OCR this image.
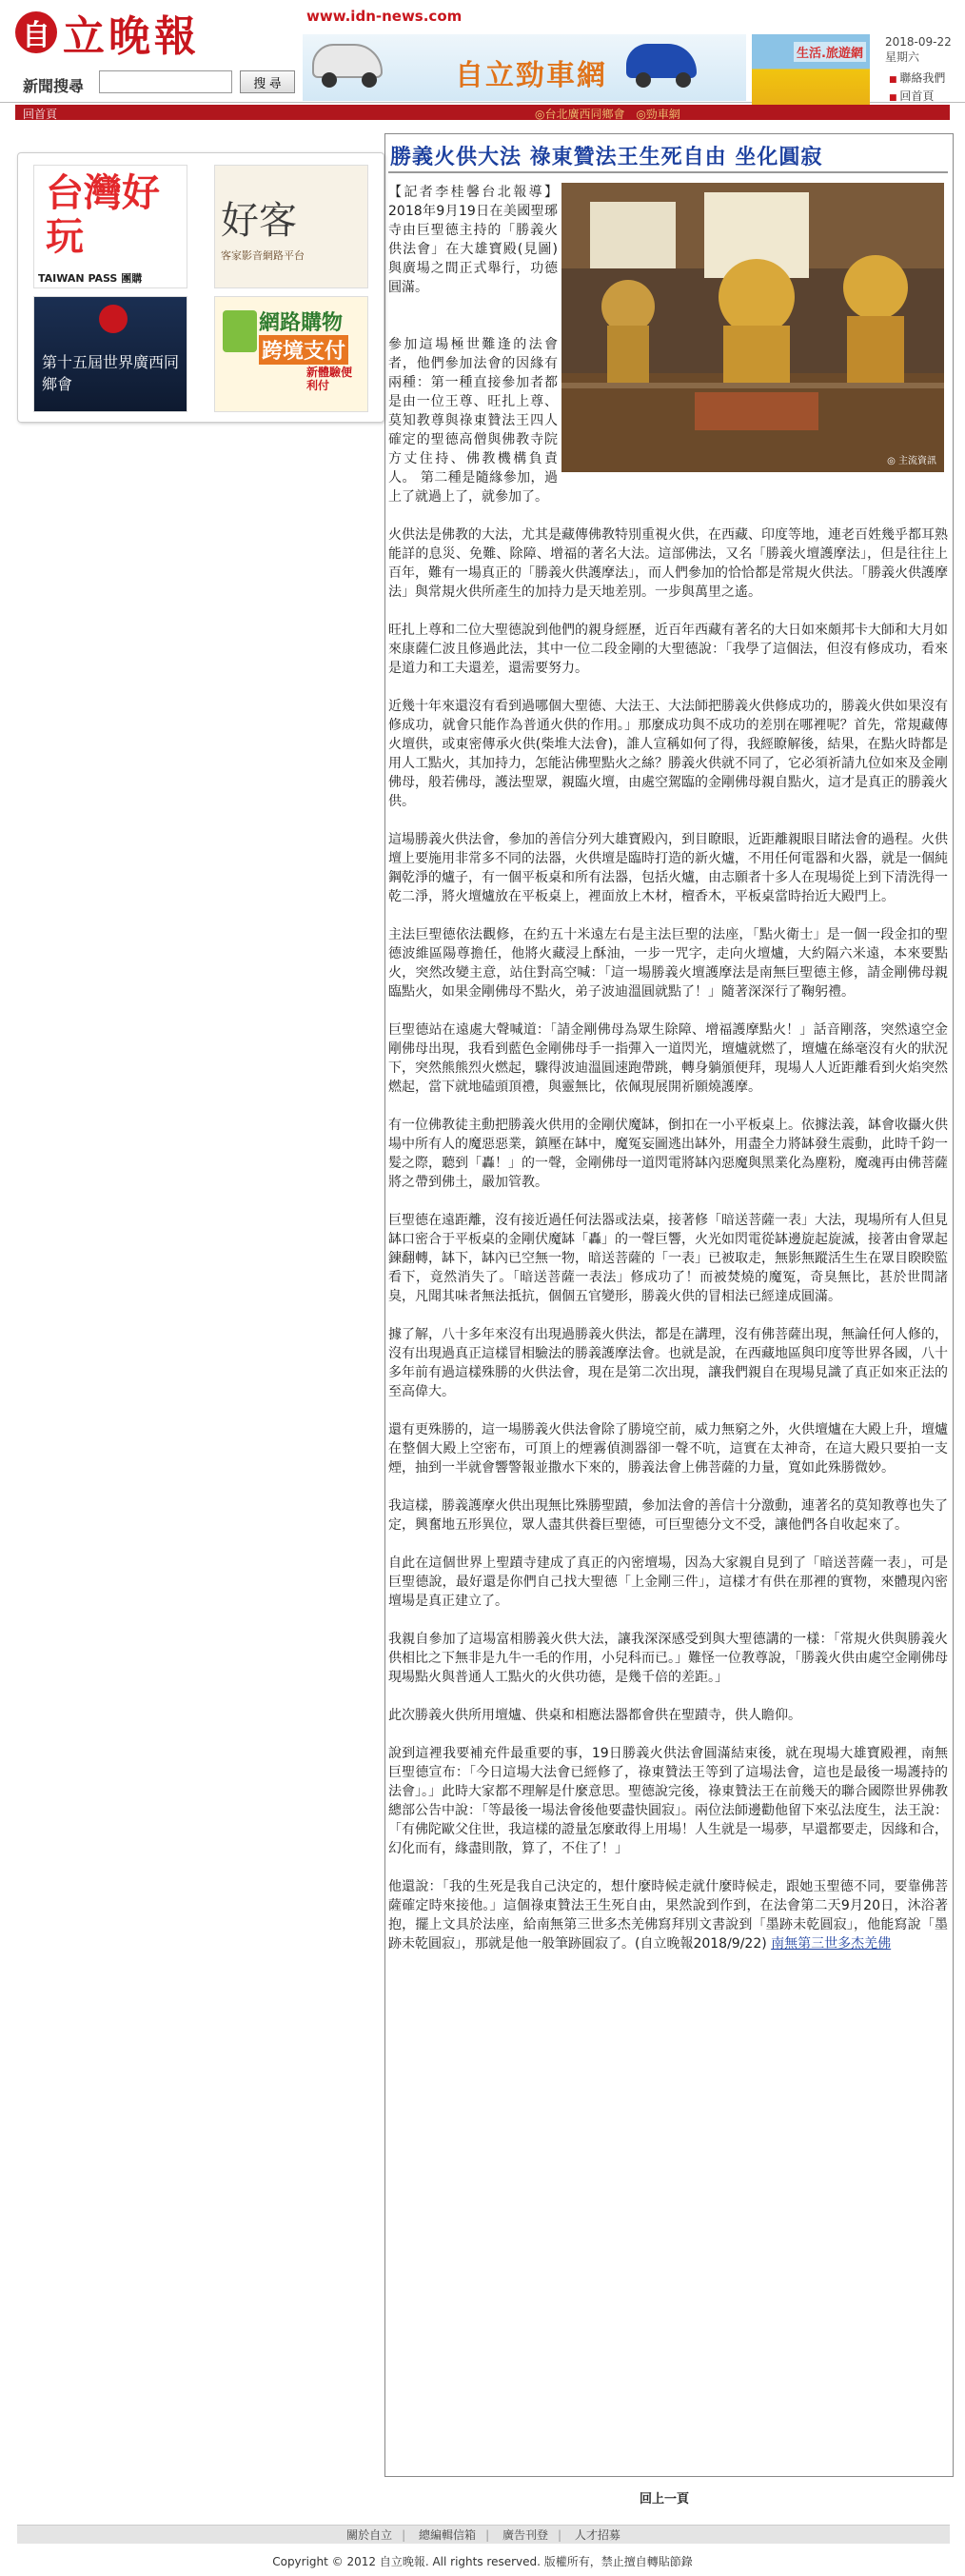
自 立晚報	www.idn-news.com
新聞搜尋	搜 尋	自立勁車網
生活.旅遊網
2018-09-22
星期六
■ 聯絡我們
■ 回首頁
回首頁	◎台北廣西同鄉會 ◎勁車網
台灣好玩
TAIWAN PASS 團購
好客
客家影音網路平台
第十五屆世界廣西同鄉會
網路購物
跨境支付
新體驗便利付
勝義火供大法 祿東贊法王生死自由 坐化圓寂

【記者李桂馨台北報導】2018年9月19日在美國聖琊寺由巨聖德主持的「勝義火供法會」在大雄寶殿(見圖)與廣場之間正式舉行，功德圓滿。

參加這場極世難逢的法會者，他們參加法會的因緣有兩種：第一種直接參加者都是由一位王尊、旺扎上尊、莫知教尊與祿東贊法王四人確定的聖德高僧與佛教寺院方丈住持、佛教機構負責人。 第二種是隨緣參加，過上了就過上了，就參加了。

火供法是佛教的大法，尤其是藏傳佛教特別重視火供，在西藏、印度等地，連老百姓幾乎都耳熟能詳的息災、免難、除障、增福的著名大法。這部佛法，又名「勝義火壇護摩法」，但是往往上百年，難有一場真正的「勝義火供護摩法」，而人們參加的恰恰都是常規火供法。「勝義火供護摩法」與常規火供所產生的加持力是天地差別。一步與萬里之遙。

旺扎上尊和二位大聖德說到他們的親身經歷，近百年西藏有著名的大日如來頗邦卡大師和大月如來康薩仁波且修過此法，其中一位二段金剛的大聖德說：「我學了這個法，但沒有修成功，看來是道力和工夫還差，還需要努力。

近幾十年來還沒有看到過哪個大聖德、大法王、大法師把勝義火供修成功的，勝義火供如果沒有修成功，就會只能作為普通火供的作用。」那麼成功與不成功的差別在哪裡呢？首先，常規藏傳火壇供，或東密傳承火供(柴堆大法會)，誰人宣稱如何了得，我經瞭解後，結果，在點火時都是用人工點火，其加持力，怎能沾佛聖點火之絲？勝義火供就不同了，它必須祈請九位如來及金剛佛母，般若佛母，護法聖眾，親臨火壇，由處空駕臨的金剛佛母親自點火，這才是真正的勝義火供。

這場勝義火供法會，參加的善信分列大雄寶殿內，到目瞭眼，近距離親眼目睹法會的過程。火供壇上要施用非常多不同的法器，火供壇是臨時打造的新火爐，不用任何電器和火器，就是一個純鋼乾淨的爐子，有一個平板桌和所有法器，包括火爐，由志願者十多人在現場從上到下清洗得一乾二淨，將火壇爐放在平板桌上，裡面放上木材，檀香木，平板桌當時抬近大殿門上。

主法巨聖德依法觀修，在約五十米遠左右是主法巨聖的法座，「點火衛士」是一個一段金扣的聖德波維區陽尊擔任，他將火藏浸上酥油，一步一咒字，走向火壇爐，大約隔六米遠，本來要點火，突然改變主意，站住對高空喊：「這一場勝義火壇護摩法是南無巨聖德主修，請金剛佛母親臨點火，如果金剛佛母不點火，弟子波迪溫圓就點了！」隨著深深行了鞠躬禮。

巨聖德站在遠處大聲喊道：「請金剛佛母為眾生除障、增福護摩點火！」話音剛落，突然遠空金剛佛母出現，我看到藍色金剛佛母手一指彈入一道閃光，壇爐就燃了，壇爐在絲毫沒有火的狀況下，突然熊熊烈火燃起，驟得波迪溫圓速跑帶跳，轉身躺頒便拜，現場人人近距離看到火焰突然燃起，當下就地磕頭頂禮，與靈無比，依佩現展開祈願燒護摩。

有一位佛教徒主動把勝義火供用的金剛伏魔缽，倒扣在一小平板桌上。依據法義，缽會收攝火供場中所有人的魔惡惡業，鎮壓在缽中，魔冤妄圖逃出缽外，用盡全力將缽發生震動，此時千鈞一髮之際，聽到「轟！」的一聲，金剛佛母一道閃電將缽內惡魔與黑業化為塵粉，魔魂再由佛菩薩將之帶到佛土，嚴加管教。

巨聖德在遠距離，沒有接近過任何法器或法桌，接著修「暗送菩薩一表」大法，現場所有人但見缽口密合于平板桌的金剛伏魔缽「轟」的一聲巨響，火光如閃電從缽邊旋起旋滅，接著由會眾起鍊翻轉，缽下，缽內已空無一物，暗送菩薩的「一表」已被取走，無影無蹤活生生在眾目睽睽監看下，竟然消失了。「暗送菩薩一表法」修成功了！而被焚燒的魔冤，奇臭無比，甚於世間諸臭，凡聞其味者無法抵抗，個個五官變形，勝義火供的冒相法已經達成圓滿。

據了解，八十多年來沒有出現過勝義火供法，都是在講理，沒有佛菩薩出現，無論任何人修的，沒有出現過真正這樣冒相驗法的勝義護摩法會。也就是說，在西藏地區與印度等世界各國，八十多年前有過這樣殊勝的火供法會，現在是第二次出現，讓我們親自在現場見識了真正如來正法的至高偉大。

還有更殊勝的，這一場勝義火供法會除了勝境空前，威力無窮之外，火供壇爐在大殿上升，壇爐在整個大殿上空密布，可頂上的煙霧偵測器卻一聲不吭，這實在太神奇，在這大殿只要拍一支煙，抽到一半就會響警報並撒水下來的，勝義法會上佛菩薩的力量，寬如此殊勝微妙。

我這樣，勝義護摩火供出現無比殊勝聖蹟，參加法會的善信十分激動，連著名的莫知教尊也失了定，興奮地五形異位，眾人盡其供養巨聖德，可巨聖德分文不受，讓他們各自收起來了。

自此在這個世界上聖蹟寺建成了真正的內密壇場，因為大家親自見到了「暗送菩薩一表」，可是巨聖德說，最好還是你們自己找大聖德「上金剛三件」，這樣才有供在那裡的實物，來體現內密壇場是真正建立了。

我親自參加了這場富相勝義火供大法，讓我深深感受到與大聖德講的一樣：「常規火供與勝義火供相比之下無非是九牛一毛的作用，小兒科而已。」難怪一位教尊說，「勝義火供由處空金剛佛母現場點火與普通人工點火的火供功德，是幾千倍的差距。」

此次勝義火供所用壇爐、供桌和相應法器都會供在聖蹟寺，供人瞻仰。

說到這裡我要補充件最重要的事，19日勝義火供法會圓滿結束後，就在現場大雄寶殿裡，南無巨聖德宣布：「今日這場大法會已經修了，祿東贊法王等到了這場法會，這也是最後一場護持的法會」。」此時大家都不理解是什麼意思。聖德說完後，祿東贊法王在前幾天的聯合國際世界佛教總部公告中說：「等最後一場法會後他要盡快圓寂」。兩位法師邊勸他留下來弘法度生，法王說：「有佛陀歐父住世，我這樣的證量怎麼敢得上用場！人生就是一場夢，早還都要走，因緣和合，幻化而有，緣盡則散，算了，不住了！」

他還說：「我的生死是我自己決定的，想什麼時候走就什麼時候走，跟她玉聖德不同，要靠佛菩薩確定時來接他。」這個祿東贊法王生死自由，果然說到作到，在法會第二天9月20日，沐浴著抱，擺上文具於法座，給南無第三世多杰羌佛寫拜別文書說到「墨跡未乾圓寂」，他能寫說「墨跡未乾圓寂」，那就是他一般筆跡圓寂了。(自立晚報2018/9/22) 南無第三世多杰羌佛

◎ 主流資訊
回上一頁
關於自立 | 總編輯信箱 | 廣告刊登 | 人才招募
Copyright © 2012 自立晚報. All rights reserved. 版權所有，禁止擅自轉貼節錄
